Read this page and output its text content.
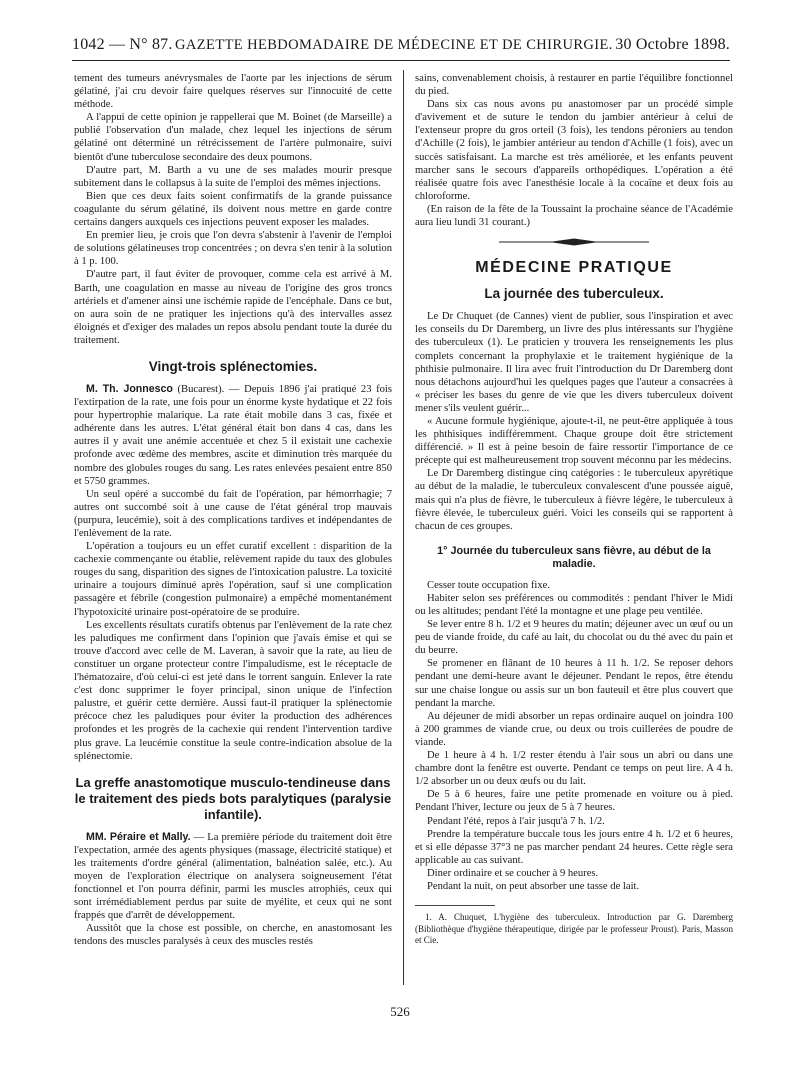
1042 — N° 87. GAZETTE HEBDOMADAIRE DE MÉDECINE ET DE CHIRURGIE. 30 Octobre 1898.

tement des tumeurs anévrysmales de l'aorte par les injections de sérum gélatiné, j'ai cru devoir faire quelques réserves sur l'innocuité de cette méthode.

A l'appui de cette opinion je rappellerai que M. Boinet (de Marseille) a publié l'observation d'un malade, chez lequel les injections de sérum gélatiné ont déterminé un rétrécissement de l'artère pulmonaire, suivi bientôt d'une tuberculose secondaire des deux poumons.

D'autre part, M. Barth a vu une de ses malades mourir presque subitement dans le collapsus à la suite de l'emploi des mêmes injections.

Bien que ces deux faits soient confirmatifs de la grande puissance coagulante du sérum gélatiné, ils doivent nous mettre en garde contre certains dangers auxquels ces injections peuvent exposer les malades.

En premier lieu, je crois que l'on devra s'abstenir à l'avenir de l'emploi de solutions gélatineuses trop concentrées ; on devra s'en tenir à la solution à 1 p. 100.

D'autre part, il faut éviter de provoquer, comme cela est arrivé à M. Barth, une coagulation en masse au niveau de l'origine des gros troncs artériels et d'amener ainsi une ischémie rapide de l'encéphale. Dans ce but, on aura soin de ne pratiquer les injections qu'à des intervalles assez éloignés et d'exiger des malades un repos absolu pendant toute la durée du traitement.

Vingt-trois splénectomies.

M. Th. Jonnesco (Bucarest). — Depuis 1896 j'ai pratiqué 23 fois l'extirpation de la rate, une fois pour un énorme kyste hydatique et 22 fois pour hypertrophie malarique. La rate était mobile dans 3 cas, fixée et adhérente dans les autres. L'état général était bon dans 4 cas, dans les autres il y avait une anémie accentuée et chez 5 il existait une cachexie profonde avec œdème des membres, ascite et diminution très marquée du nombre des globules rouges du sang. Les rates enlevées pesaient entre 850 et 5750 grammes.

Un seul opéré a succombé du fait de l'opération, par hémorrhagie; 7 autres ont succombé soit à une cause de l'état général trop mauvais (purpura, leucémie), soit à des complications tardives et indépendantes de l'enlèvement de la rate.

L'opération a toujours eu un effet curatif excellent : disparition de la cachexie commençante ou établie, relèvement rapide du taux des globules rouges du sang, disparition des signes de l'intoxication palustre. La toxicité urinaire a toujours diminué après l'opération, sauf si une complication passagère et fébrile (congestion pulmonaire) a empêché momentanément l'hypotoxicité urinaire post-opératoire de se produire.

Les excellents résultats curatifs obtenus par l'enlèvement de la rate chez les paludiques me confirment dans l'opinion que j'avais émise et qui se trouve d'accord avec celle de M. Laveran, à savoir que la rate, au lieu de constituer un organe protecteur contre l'impaludisme, est le réceptacle de l'hématozaire, d'où celui-ci est jeté dans le torrent sanguin. Enlever la rate c'est donc supprimer le foyer principal, sinon unique de l'infection palustre, et guérir cette dernière. Aussi faut-il pratiquer la splénectomie précoce chez les paludiques pour éviter la production des adhérences profondes et les progrès de la cachexie qui rendent l'intervention tardive plus grave. La leucémie constitue la seule contre-indication absolue de la splénectomie.

La greffe anastomotique musculo-tendineuse dans le traitement des pieds bots paralytiques (paralysie infantile).

MM. Péraire et Mally. — La première période du traitement doit être l'expectation, armée des agents physiques (massage, électricité statique) et les traitements d'ordre général (alimentation, balnéation salée, etc.). Au moyen de l'exploration électrique on analysera soigneusement l'état fonctionnel et l'on pourra définir, parmi les muscles atrophiés, ceux qui sont irrémédiablement perdus par suite de myélite, et ceux qui ne sont frappés que d'arrêt de développement.

Aussitôt que la chose est possible, on cherche, en anastomosant les tendons des muscles paralysés à ceux des muscles restés

sains, convenablement choisis, à restaurer en partie l'équilibre fonctionnel du pied.

Dans six cas nous avons pu anastomoser par un procédé simple d'avivement et de suture le tendon du jambier antérieur à celui de l'extenseur propre du gros orteil (3 fois), les tendons péroniers au tendon d'Achille (2 fois), le jambier antérieur au tendon d'Achille (1 fois), avec un succès satisfaisant. La marche est très améliorée, et les enfants peuvent marcher sans le secours d'appareils orthopédiques. L'opération a été réalisée quatre fois avec l'anesthésie locale à la cocaïne et deux fois au chloroforme.

(En raison de la fête de la Toussaint la prochaine séance de l'Académie aura lieu lundi 31 courant.)

MÉDECINE PRATIQUE
La journée des tuberculeux.

Le Dr Chuquet (de Cannes) vient de publier, sous l'inspiration et avec les conseils du Dr Daremberg, un livre des plus intéressants sur l'hygiène des tuberculeux (1). Le praticien y trouvera les renseignements les plus complets concernant la prophylaxie et le traitement hygiénique de la phthisie pulmonaire. Il lira avec fruit l'introduction du Dr Daremberg dont nous détachons aujourd'hui les quelques pages que l'auteur a consacrées à « préciser les bases du genre de vie que les divers tuberculeux doivent mener s'ils veulent guérir...

« Aucune formule hygiénique, ajoute-t-il, ne peut-être appliquée à tous les phthisiques indifféremment. Chaque groupe doit être strictement différencié. » Il est à peine besoin de faire ressortir l'importance de ce précepte qui est malheureusement trop souvent méconnu par les médecins.

Le Dr Daremberg distingue cinq catégories : le tuberculeux apyrétique au début de la maladie, le tuberculeux convalescent d'une poussée aiguë, mais qui n'a plus de fièvre, le tuberculeux à fièvre légère, le tuberculeux à fièvre élevée, le tuberculeux guéri. Voici les conseils qui se rapportent à chacun de ces groupes.

1° Journée du tuberculeux sans fièvre, au début de la maladie.

Cesser toute occupation fixe.

Habiter selon ses préférences ou commodités : pendant l'hiver le Midi ou les altitudes; pendant l'été la montagne et une plage peu ventilée.

Se lever entre 8 h. 1/2 et 9 heures du matin; déjeuner avec un œuf ou un peu de viande froide, du café au lait, du chocolat ou du thé avec du pain et du beurre.

Se promener en flânant de 10 heures à 11 h. 1/2. Se reposer dehors pendant une demi-heure avant le déjeuner. Pendant le repos, être étendu sur une chaise longue ou assis sur un bon fauteuil et être plus couvert que pendant la marche.

Au déjeuner de midi absorber un repas ordinaire auquel on joindra 100 à 200 grammes de viande crue, ou deux ou trois cuillerées de poudre de viande.

De 1 heure à 4 h. 1/2 rester étendu à l'air sous un abri ou dans une chambre dont la fenêtre est ouverte. Pendant ce temps on peut lire. A 4 h. 1/2 absorber un ou deux œufs ou du lait.

De 5 à 6 heures, faire une petite promenade en voiture ou à pied. Pendant l'hiver, lecture ou jeux de 5 à 7 heures.

Pendant l'été, repos à l'air jusqu'à 7 h. 1/2.

Prendre la température buccale tous les jours entre 4 h. 1/2 et 6 heures, et si elle dépasse 37°3 ne pas marcher pendant 24 heures. Cette règle sera applicable au cas suivant.

Diner ordinaire et se coucher à 9 heures.

Pendant la nuit, on peut absorber une tasse de lait.

1. A. Chuquet, L'hygiène des tuberculeux. Introduction par G. Daremberg (Bibliothèque d'hygiène thérapeutique, dirigée par le professeur Proust). Paris, Masson et Cie.

526
